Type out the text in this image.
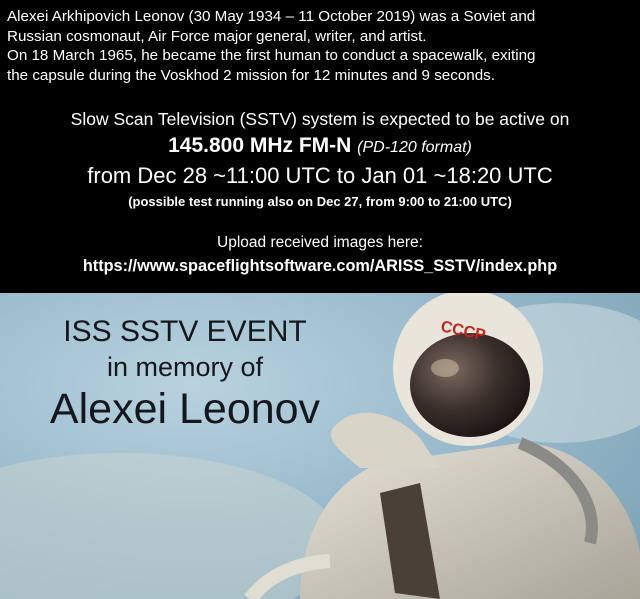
Alexei Arkhipovich Leonov (30 May 1934 – 11 October 2019) was a Soviet and

Russian cosmonaut, Air Force major general, writer, and artist.

On 18 March 1965, he became the first human to conduct a spacewalk, exiting

the capsule during the Voskhod 2 mission for 12 minutes and 9 seconds.

Slow Scan Television (SSTV) system is expected to be active on
145.800 MHz FM-N (PD-120 format)
from Dec 28 ~11:00 UTC to Jan 01 ~18:20 UTC
(possible test running also on Dec 27, from 9:00 to 21:00 UTC)
Upload received images here:
https://www.spaceflightsoftware.com/ARISS_SSTV/index.php
CCCP
ISS SSTV EVENT
in memory of
Alexei Leonov
